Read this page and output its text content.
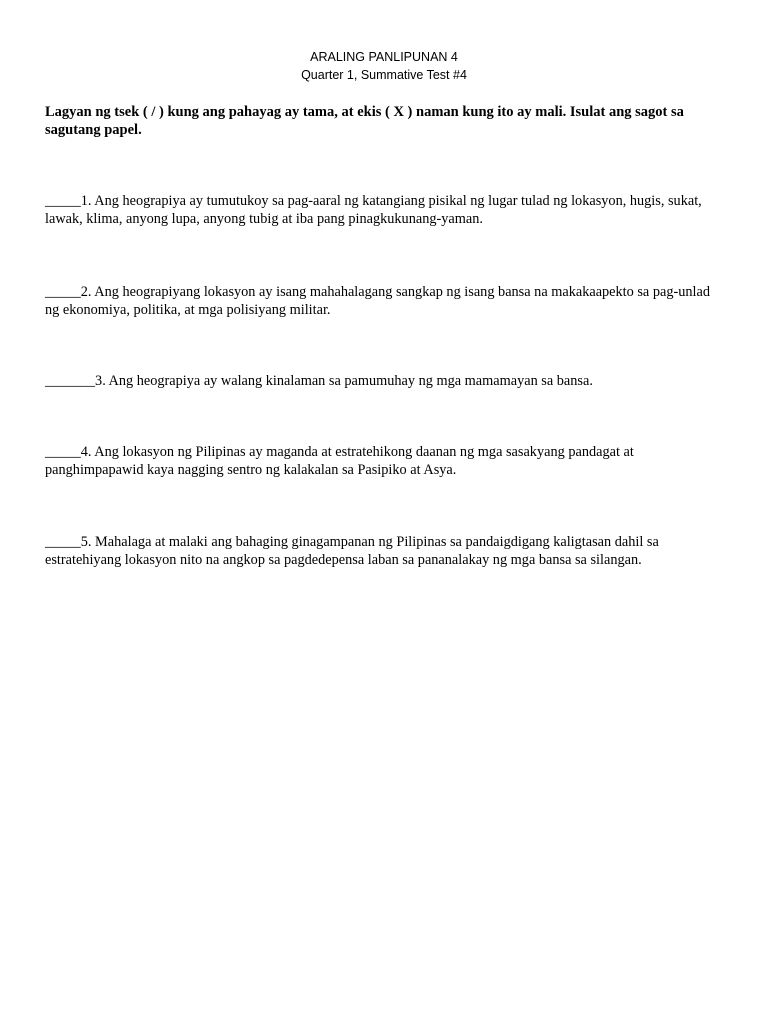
ARALING PANLIPUNAN 4
Quarter 1, Summative Test #4
Lagyan ng tsek ( / ) kung ang pahayag ay tama, at ekis ( X ) naman kung ito ay mali. Isulat ang sagot sa sagutang papel.
_____1. Ang heograpiya ay tumutukoy sa pag-aaral ng katangiang pisikal ng lugar tulad ng lokasyon, hugis, sukat, lawak, klima, anyong lupa, anyong tubig at iba pang pinagkukunang-yaman.
_____2. Ang heograpiyang lokasyon ay isang mahahalagang sangkap ng isang bansa na makakaapekto sa pag-unlad ng ekonomiya, politika, at mga polisiyang militar.
_______3. Ang heograpiya ay walang kinalaman sa pamumuhay ng mga mamamayan sa bansa.
_____4. Ang lokasyon ng Pilipinas ay maganda at estratehikong daanan ng mga sasakyang pandagat at panghimpapawid kaya nagging sentro ng kalakalan sa Pasipiko at Asya.
_____5. Mahalaga at malaki ang bahaging ginagampanan ng Pilipinas sa pandaigdigang kaligtasan dahil sa estratehiyang lokasyon nito na angkop sa pagdedepensa laban sa pananalakay ng mga bansa sa silangan.
